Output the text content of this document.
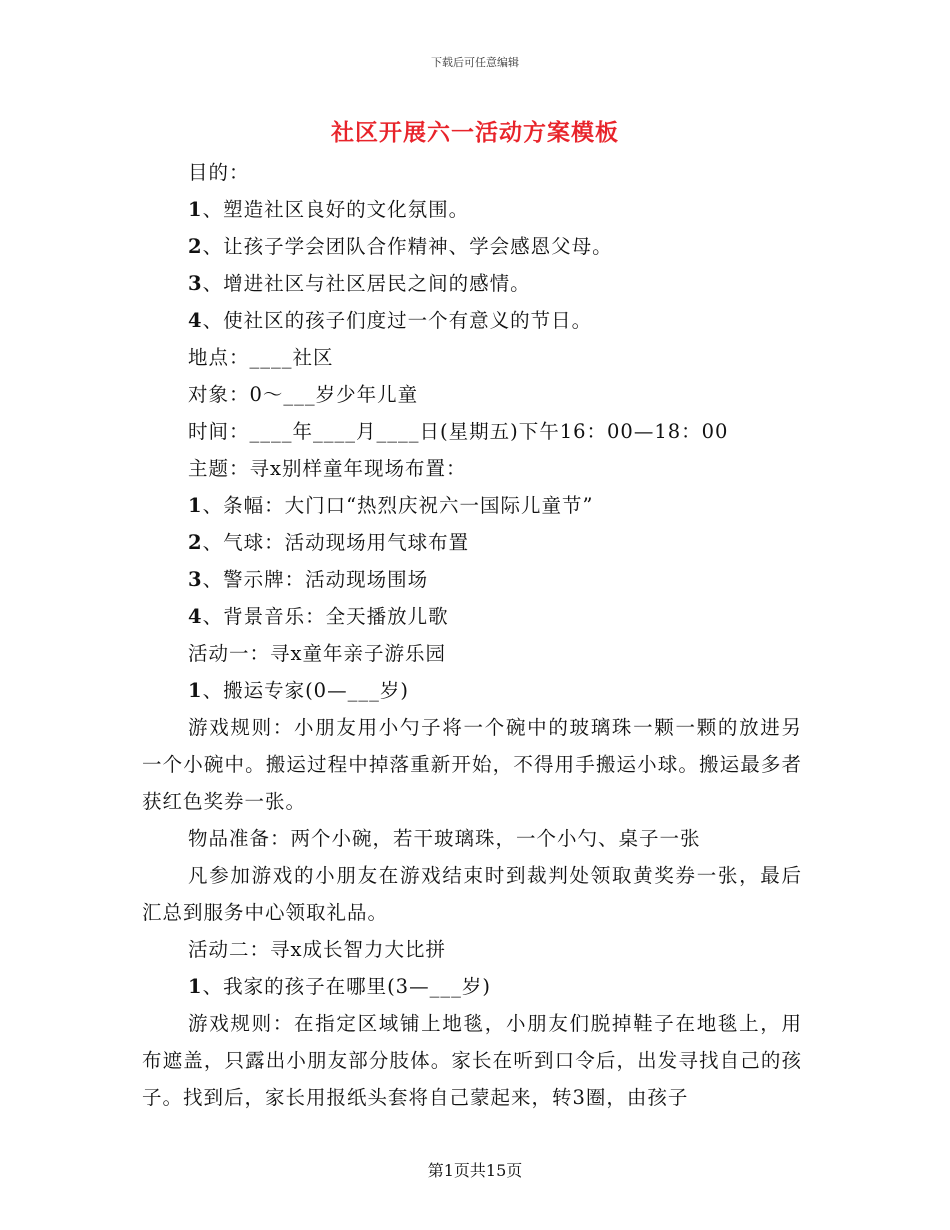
下载后可任意编辑
社区开展六一活动方案模板
目的：
1、塑造社区良好的文化氛围。
2、让孩子学会团队合作精神、学会感恩父母。
3、增进社区与社区居民之间的感情。
4、使社区的孩子们度过一个有意义的节日。
地点：____社区
对象：0～___岁少年儿童
时间：____年____月____日(星期五)下午16：00—18：00
主题：寻x别样童年现场布置：
1、条幅：大门口“热烈庆祝六一国际儿童节”
2、气球：活动现场用气球布置
3、警示牌：活动现场围场
4、背景音乐：全天播放儿歌
活动一：寻x童年亲子游乐园
1、搬运专家(0—___岁)
游戏规则：小朋友用小勺子将一个碗中的玻璃珠一颗一颗的放进另一个小碗中。搬运过程中掉落重新开始，不得用手搬运小球。搬运最多者获红色奖券一张。
物品准备：两个小碗，若干玻璃珠，一个小勺、桌子一张
凡参加游戏的小朋友在游戏结束时到裁判处领取黄奖券一张，最后汇总到服务中心领取礼品。
活动二：寻x成长智力大比拼
1、我家的孩子在哪里(3—___岁)
游戏规则：在指定区域铺上地毯，小朋友们脱掉鞋子在地毯上，用布遮盖，只露出小朋友部分肢体。家长在听到口令后，出发寻找自己的孩子。找到后，家长用报纸头套将自己蒙起来，转3圈，由孩子
第1页共15页
